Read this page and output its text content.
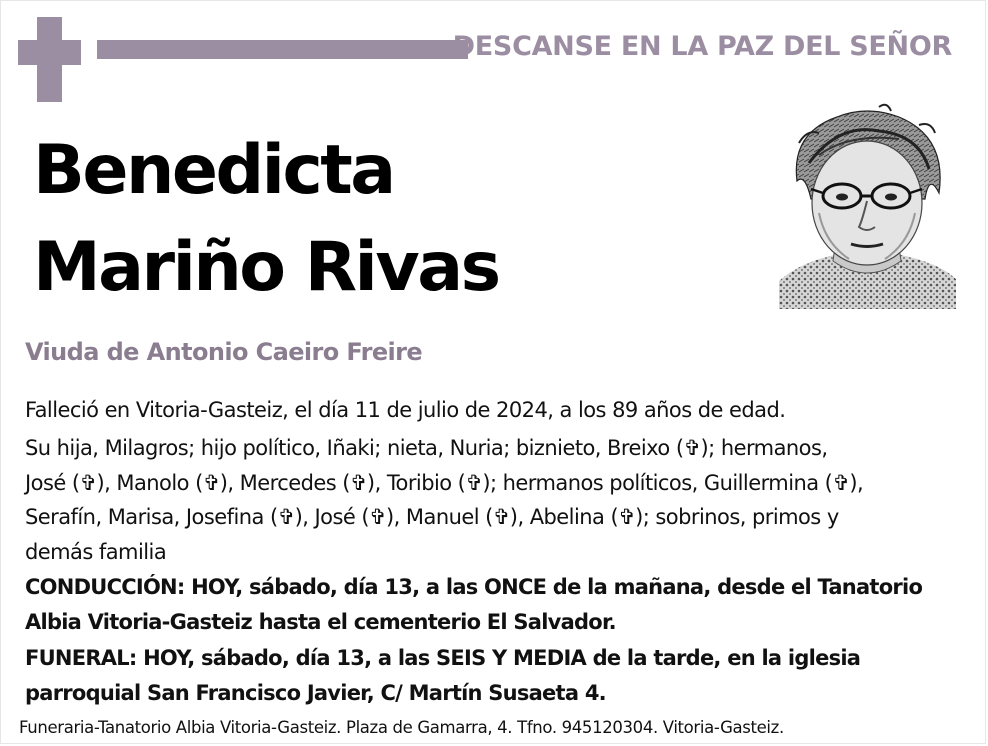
DESCANSE EN LA PAZ DEL SEÑOR
Benedicta
Mariño Rivas
Viuda de Antonio Caeiro Freire
Falleció en Vitoria-Gasteiz, el día 11 de julio de 2024, a los 89 años de edad.
Su hija, Milagros; hijo político, Iñaki; nieta, Nuria; biznieto, Breixo (✞); hermanos,
José (✞), Manolo (✞), Mercedes (✞), Toribio (✞); hermanos políticos, Guillermina (✞),
Serafín, Marisa, Josefina (✞), José (✞), Manuel (✞), Abelina (✞); sobrinos, primos y
demás familia
CONDUCCIÓN: HOY, sábado, día 13, a las ONCE de la mañana, desde el Tanatorio
Albia Vitoria-Gasteiz hasta el cementerio El Salvador.
FUNERAL: HOY, sábado, día 13, a las SEIS Y MEDIA de la tarde, en la iglesia
parroquial San Francisco Javier, C/ Martín Susaeta 4.
Funeraria-Tanatorio Albia Vitoria-Gasteiz. Plaza de Gamarra, 4. Tfno. 945120304. Vitoria-Gasteiz.
